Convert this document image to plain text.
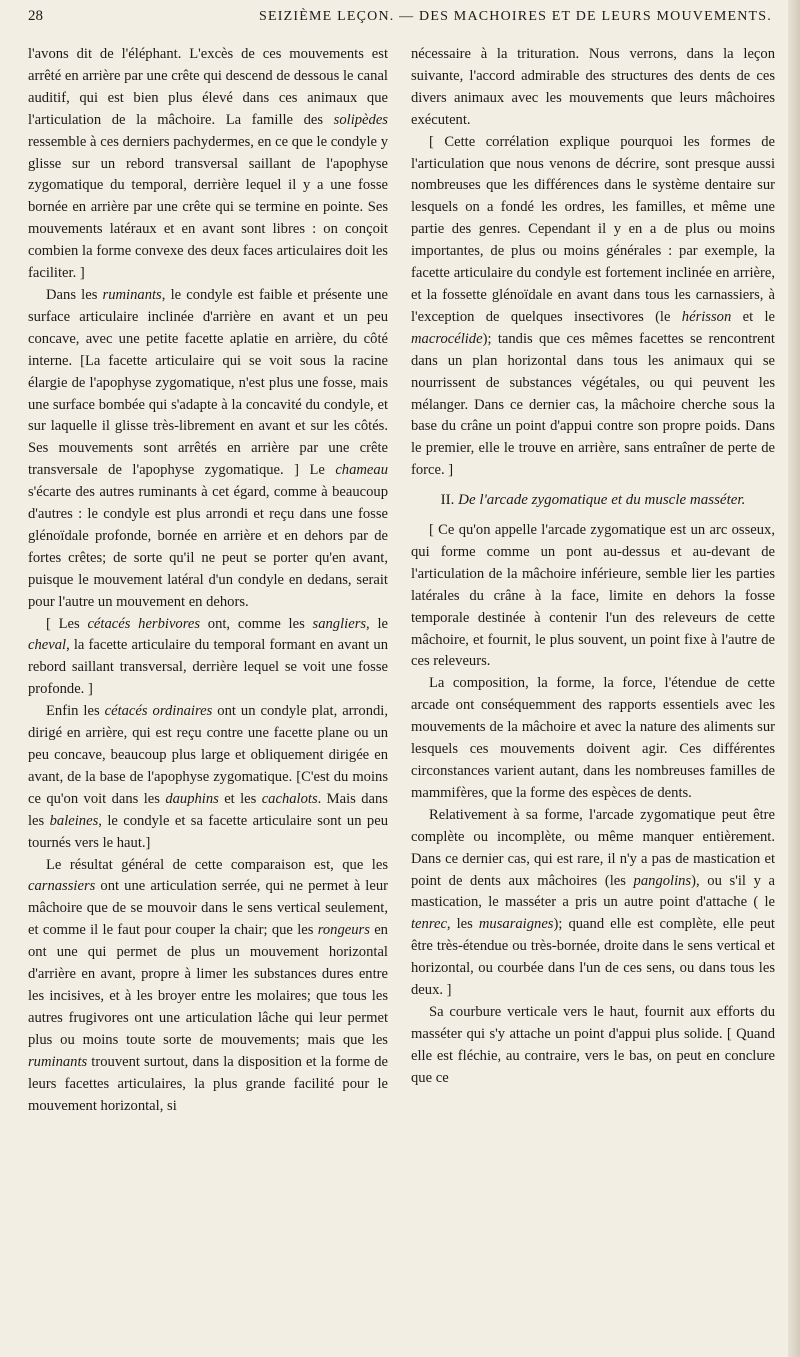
28	SEIZIÈME LEÇON. — DES MACHOIRES ET DE LEURS MOUVEMENTS.

l'avons dit de l'éléphant. L'excès de ces mouvements est arrêté en arrière par une crête qui descend de dessous le canal auditif, qui est bien plus élevé dans ces animaux que l'articulation de la mâchoire. La famille des solipèdes ressemble à ces derniers pachydermes, en ce que le condyle y glisse sur un rebord transversal saillant de l'apophyse zygomatique du temporal, derrière lequel il y a une fosse bornée en arrière par une crête qui se termine en pointe. Ses mouvements latéraux et en avant sont libres : on conçoit combien la forme convexe des deux faces articulaires doit les faciliter. ]

Dans les ruminants, le condyle est faible et présente une surface articulaire inclinée d'arrière en avant et un peu concave, avec une petite facette aplatie en arrière, du côté interne. [La facette articulaire qui se voit sous la racine élargie de l'apophyse zygomatique, n'est plus une fosse, mais une surface bombée qui s'adapte à la concavité du condyle, et sur laquelle il glisse très-librement en avant et sur les côtés. Ses mouvements sont arrêtés en arrière par une crête transversale de l'apophyse zygomatique. ] Le chameau s'écarte des autres ruminants à cet égard, comme à beaucoup d'autres : le condyle est plus arrondi et reçu dans une fosse glénoïdale profonde, bornée en arrière et en dehors par de fortes crêtes; de sorte qu'il ne peut se porter qu'en avant, puisque le mouvement latéral d'un condyle en dedans, serait pour l'autre un mouvement en dehors.

[ Les cétacés herbivores ont, comme les sangliers, le cheval, la facette articulaire du temporal formant en avant un rebord saillant transversal, derrière lequel se voit une fosse profonde. ]

Enfin les cétacés ordinaires ont un condyle plat, arrondi, dirigé en arrière, qui est reçu contre une facette plane ou un peu concave, beaucoup plus large et obliquement dirigée en avant, de la base de l'apophyse zygomatique. [C'est du moins ce qu'on voit dans les dauphins et les cachalots. Mais dans les baleines, le condyle et sa facette articulaire sont un peu tournés vers le haut.]

Le résultat général de cette comparaison est, que les carnassiers ont une articulation serrée, qui ne permet à leur mâchoire que de se mouvoir dans le sens vertical seulement, et comme il le faut pour couper la chair; que les rongeurs en ont une qui permet de plus un mouvement horizontal d'arrière en avant, propre à limer les substances dures entre les incisives, et à les broyer entre les molaires; que tous les autres frugivores ont une articulation lâche qui leur permet plus ou moins toute sorte de mouvements; mais que les ruminants trouvent surtout, dans la disposition et la forme de leurs facettes articulaires, la plus grande facilité pour le mouvement horizontal, si

nécessaire à la trituration. Nous verrons, dans la leçon suivante, l'accord admirable des structures des dents de ces divers animaux avec les mouvements que leurs mâchoires exécutent.

[ Cette corrélation explique pourquoi les formes de l'articulation que nous venons de décrire, sont presque aussi nombreuses que les différences dans le système dentaire sur lesquels on a fondé les ordres, les familles, et même une partie des genres. Cependant il y en a de plus ou moins importantes, de plus ou moins générales : par exemple, la facette articulaire du condyle est fortement inclinée en arrière, et la fossette glénoïdale en avant dans tous les carnassiers, à l'exception de quelques insectivores (le hérisson et le macrocélide); tandis que ces mêmes facettes se rencontrent dans un plan horizontal dans tous les animaux qui se nourrissent de substances végétales, ou qui peuvent les mélanger. Dans ce dernier cas, la mâchoire cherche sous la base du crâne un point d'appui contre son propre poids. Dans le premier, elle le trouve en arrière, sans entraîner de perte de force. ]

II. De l'arcade zygomatique et du muscle masséter.

[ Ce qu'on appelle l'arcade zygomatique est un arc osseux, qui forme comme un pont au-dessus et au-devant de l'articulation de la mâchoire inférieure, semble lier les parties latérales du crâne à la face, limite en dehors la fosse temporale destinée à contenir l'un des releveurs de cette mâchoire, et fournit, le plus souvent, un point fixe à l'autre de ces releveurs.

La composition, la forme, la force, l'étendue de cette arcade ont conséquemment des rapports essentiels avec les mouvements de la mâchoire et avec la nature des aliments sur lesquels ces mouvements doivent agir. Ces différentes circonstances varient autant, dans les nombreuses familles de mammifères, que la forme des espèces de dents.

Relativement à sa forme, l'arcade zygomatique peut être complète ou incomplète, ou même manquer entièrement. Dans ce dernier cas, qui est rare, il n'y a pas de mastication et point de dents aux mâchoires (les pangolins), ou s'il y a mastication, le masséter a pris un autre point d'attache ( le tenrec, les musaraignes); quand elle est complète, elle peut être très-étendue ou très-bornée, droite dans le sens vertical et horizontal, ou courbée dans l'un de ces sens, ou dans tous les deux. ]

Sa courbure verticale vers le haut, fournit aux efforts du masséter qui s'y attache un point d'appui plus solide. [ Quand elle est fléchie, au contraire, vers le bas, on peut en conclure que ce
